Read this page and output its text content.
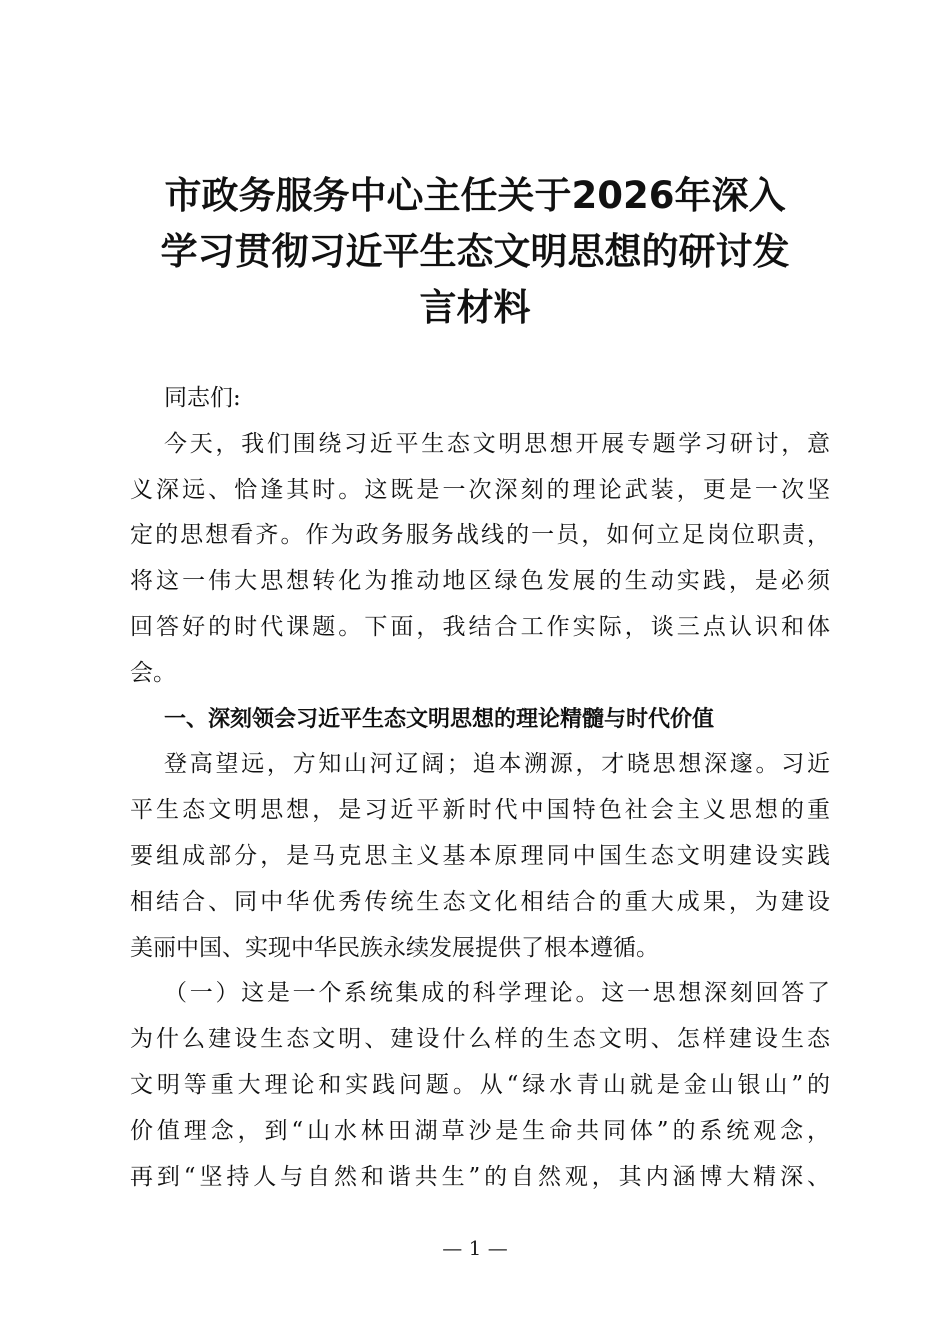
市政务服务中心主任关于2026年深入
学习贯彻习近平生态文明思想的研讨发
言材料
同志们:
今天，我们围绕习近平生态文明思想开展专题学习研讨，意
义深远、恰逢其时。这既是一次深刻的理论武装，更是一次坚
定的思想看齐。作为政务服务战线的一员，如何立足岗位职责，
将这一伟大思想转化为推动地区绿色发展的生动实践，是必须
回答好的时代课题。下面，我结合工作实际，谈三点认识和体
会。
一、深刻领会习近平生态文明思想的理论精髓与时代价值
登高望远，方知山河辽阔；追本溯源，才晓思想深邃。习近
平生态文明思想，是习近平新时代中国特色社会主义思想的重
要组成部分，是马克思主义基本原理同中国生态文明建设实践
相结合、同中华优秀传统生态文化相结合的重大成果，为建设
美丽中国、实现中华民族永续发展提供了根本遵循。
（一）这是一个系统集成的科学理论。这一思想深刻回答了
为什么建设生态文明、建设什么样的生态文明、怎样建设生态
文明等重大理论和实践问题。从“绿水青山就是金山银山”的
价值理念，到“山水林田湖草沙是生命共同体”的系统观念，
再到“坚持人与自然和谐共生”的自然观，其内涵博大精深、
— 1 —
